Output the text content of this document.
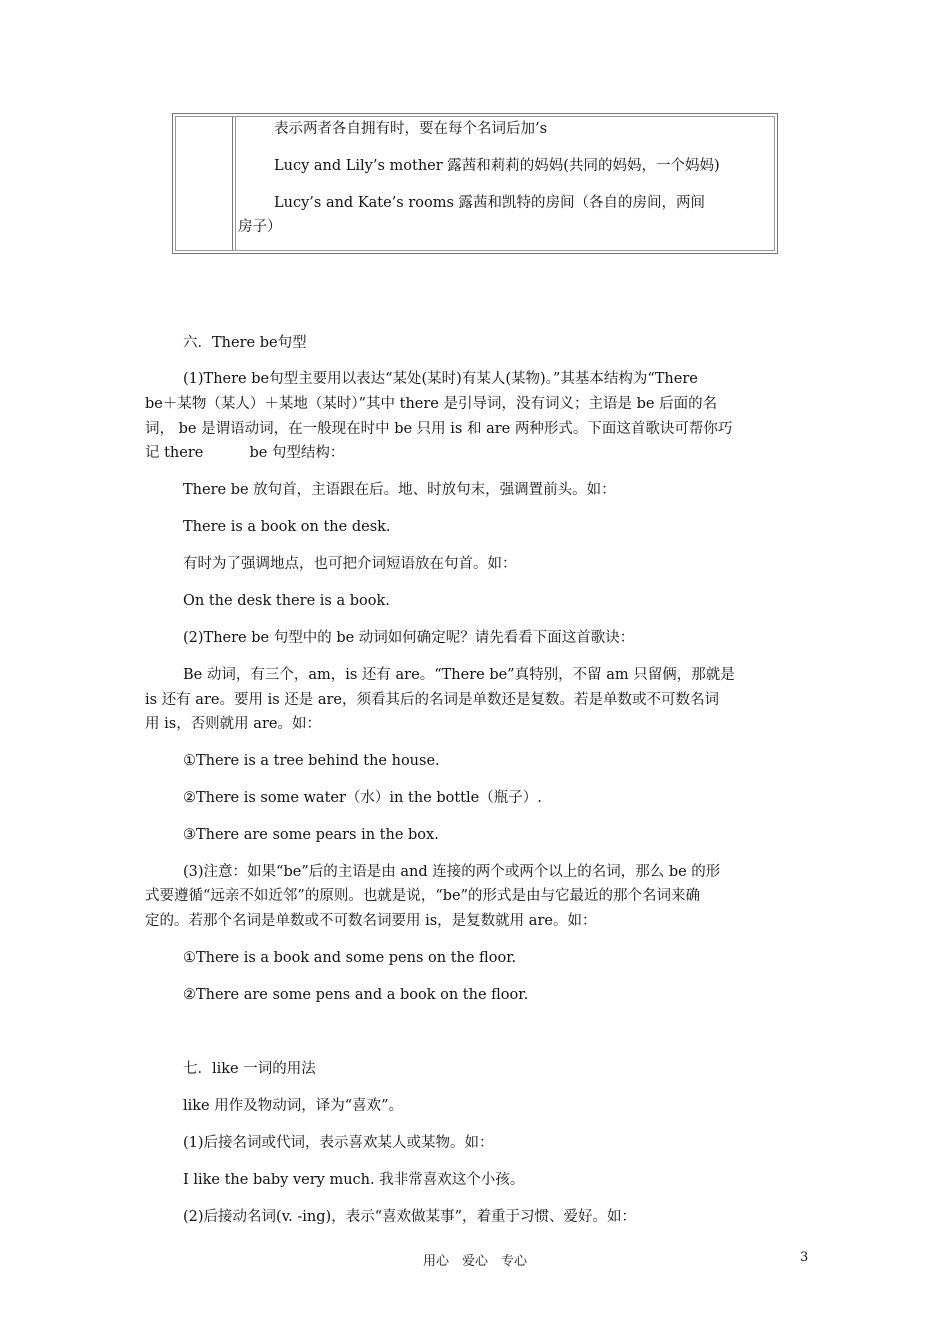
表示两者各自拥有时，要在每个名词后加’s

Lucy and Lily’s mother 露茜和莉莉的妈妈(共同的妈妈，一个妈妈)

Lucy’s and Kate’s rooms 露茜和凯特的房间（各自的房间，两间

房子）

六．There be句型

(1)There be句型主要用以表达“某处(某时)有某人(某物)。”其基本结构为“There

be＋某物（某人）＋某地（某时）”其中 there 是引导词，没有词义；主语是 be 后面的名

词， be 是谓语动词，在一般现在时中 be 只用 is 和 are 两种形式。下面这首歌诀可帮你巧

记 there          be 句型结构：

There be 放句首，主语跟在后。地、时放句末，强调置前头。如：

There is a book on the desk.

有时为了强调地点，也可把介词短语放在句首。如：

On the desk there is a book.

(2)There be 句型中的 be 动词如何确定呢？请先看看下面这首歌诀：

Be 动词，有三个，am，is 还有 are。“There be”真特别，不留 am 只留俩，那就是

is 还有 are。要用 is 还是 are，须看其后的名词是单数还是复数。若是单数或不可数名词

用 is，否则就用 are。如：

①There is a tree behind the house.

②There is some water（水）in the bottle（瓶子）.

③There are some pears in the box.

(3)注意：如果“be”后的主语是由 and 连接的两个或两个以上的名词，那么 be 的形

式要遵循“远亲不如近邻”的原则。也就是说，“be”的形式是由与它最近的那个名词来确

定的。若那个名词是单数或不可数名词要用 is，是复数就用 are。如：

①There is a book and some pens on the floor.

②There are some pens and a book on the floor.

七．like 一词的用法

like 用作及物动词，译为“喜欢”。

(1)后接名词或代词，表示喜欢某人或某物。如：

I like the baby very much. 我非常喜欢这个小孩。

(2)后接动名词(v. -ing)，表示“喜欢做某事”，着重于习惯、爱好。如：

用心　爱心　专心	3
